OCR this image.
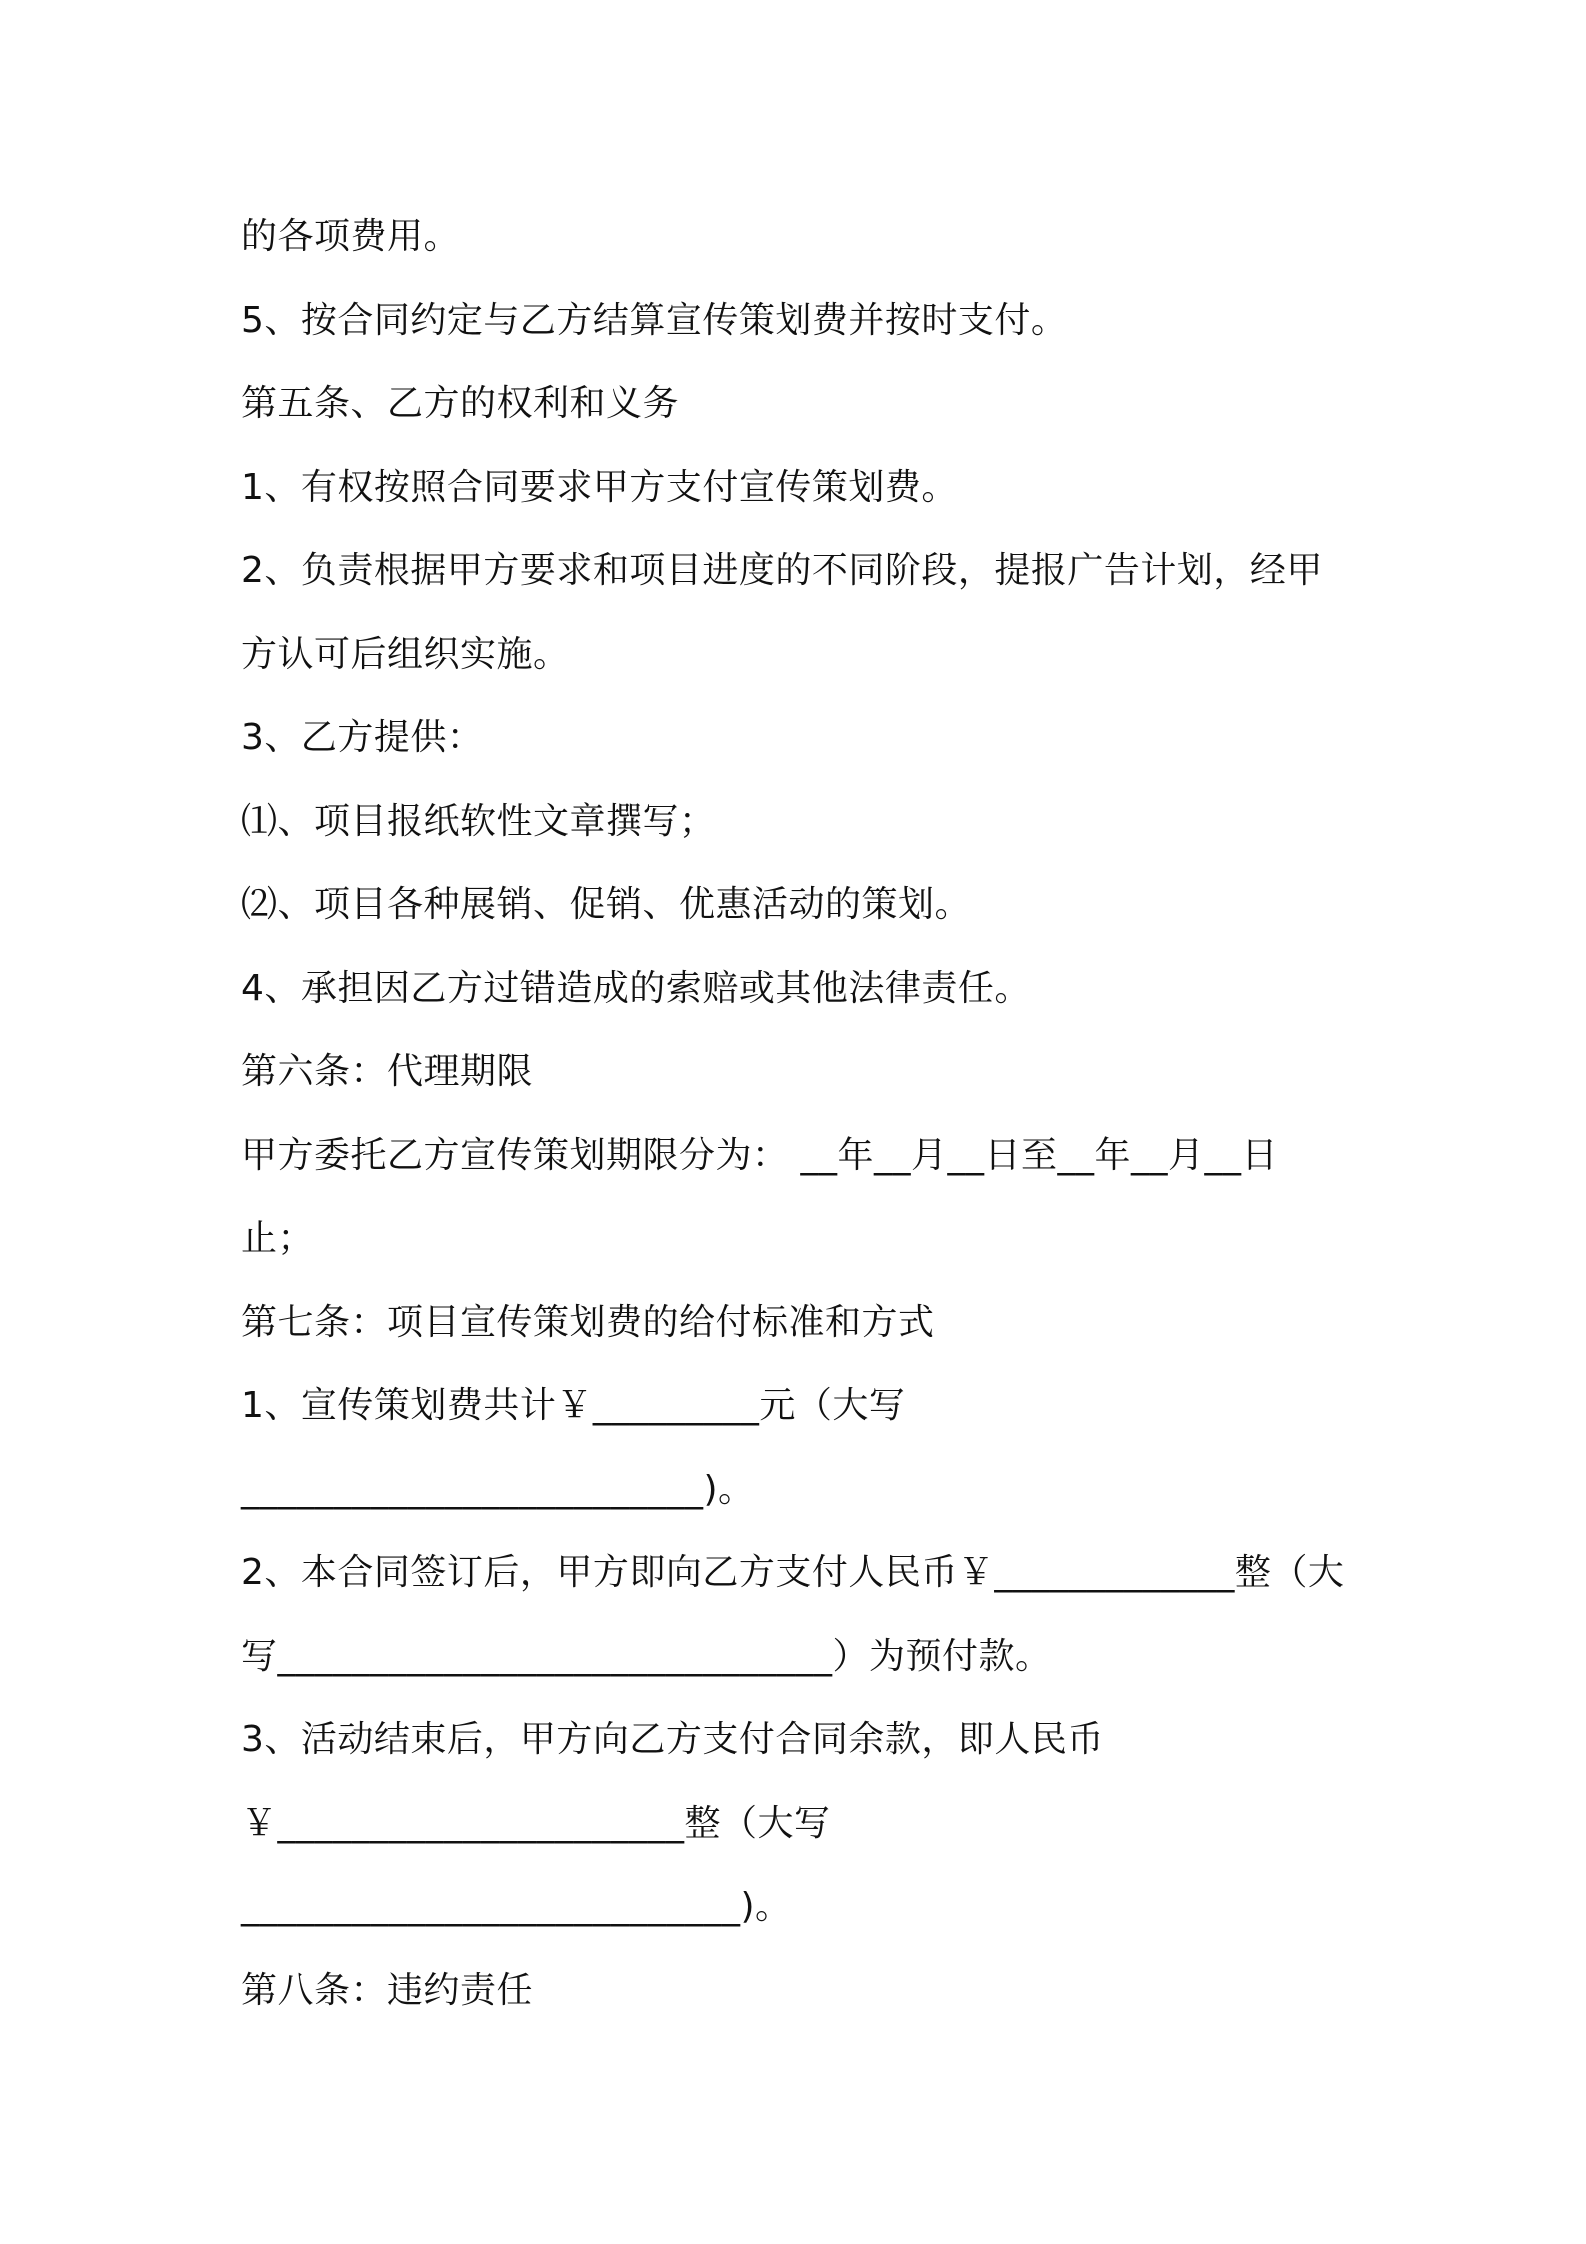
的各项费用。
5、按合同约定与乙方结算宣传策划费并按时支付。
第五条、乙方的权利和义务
1、有权按照合同要求甲方支付宣传策划费。
2、负责根据甲方要求和项目进度的不同阶段，提报广告计划，经甲
方认可后组织实施。
3、乙方提供：
⑴、项目报纸软性文章撰写；
⑵、项目各种展销、促销、优惠活动的策划。
4、承担因乙方过错造成的索赔或其他法律责任。
第六条：代理期限
甲方委托乙方宣传策划期限分为： __年__月__日至__年__月__日
止；
第七条：项目宣传策划费的给付标准和方式
1、宣传策划费共计￥_________元（大写
_________________________)。
2、本合同签订后，甲方即向乙方支付人民币￥_____________整（大
写______________________________）为预付款。
3、活动结束后，甲方向乙方支付合同余款，即人民币
￥______________________整（大写
___________________________)。
第八条：违约责任
